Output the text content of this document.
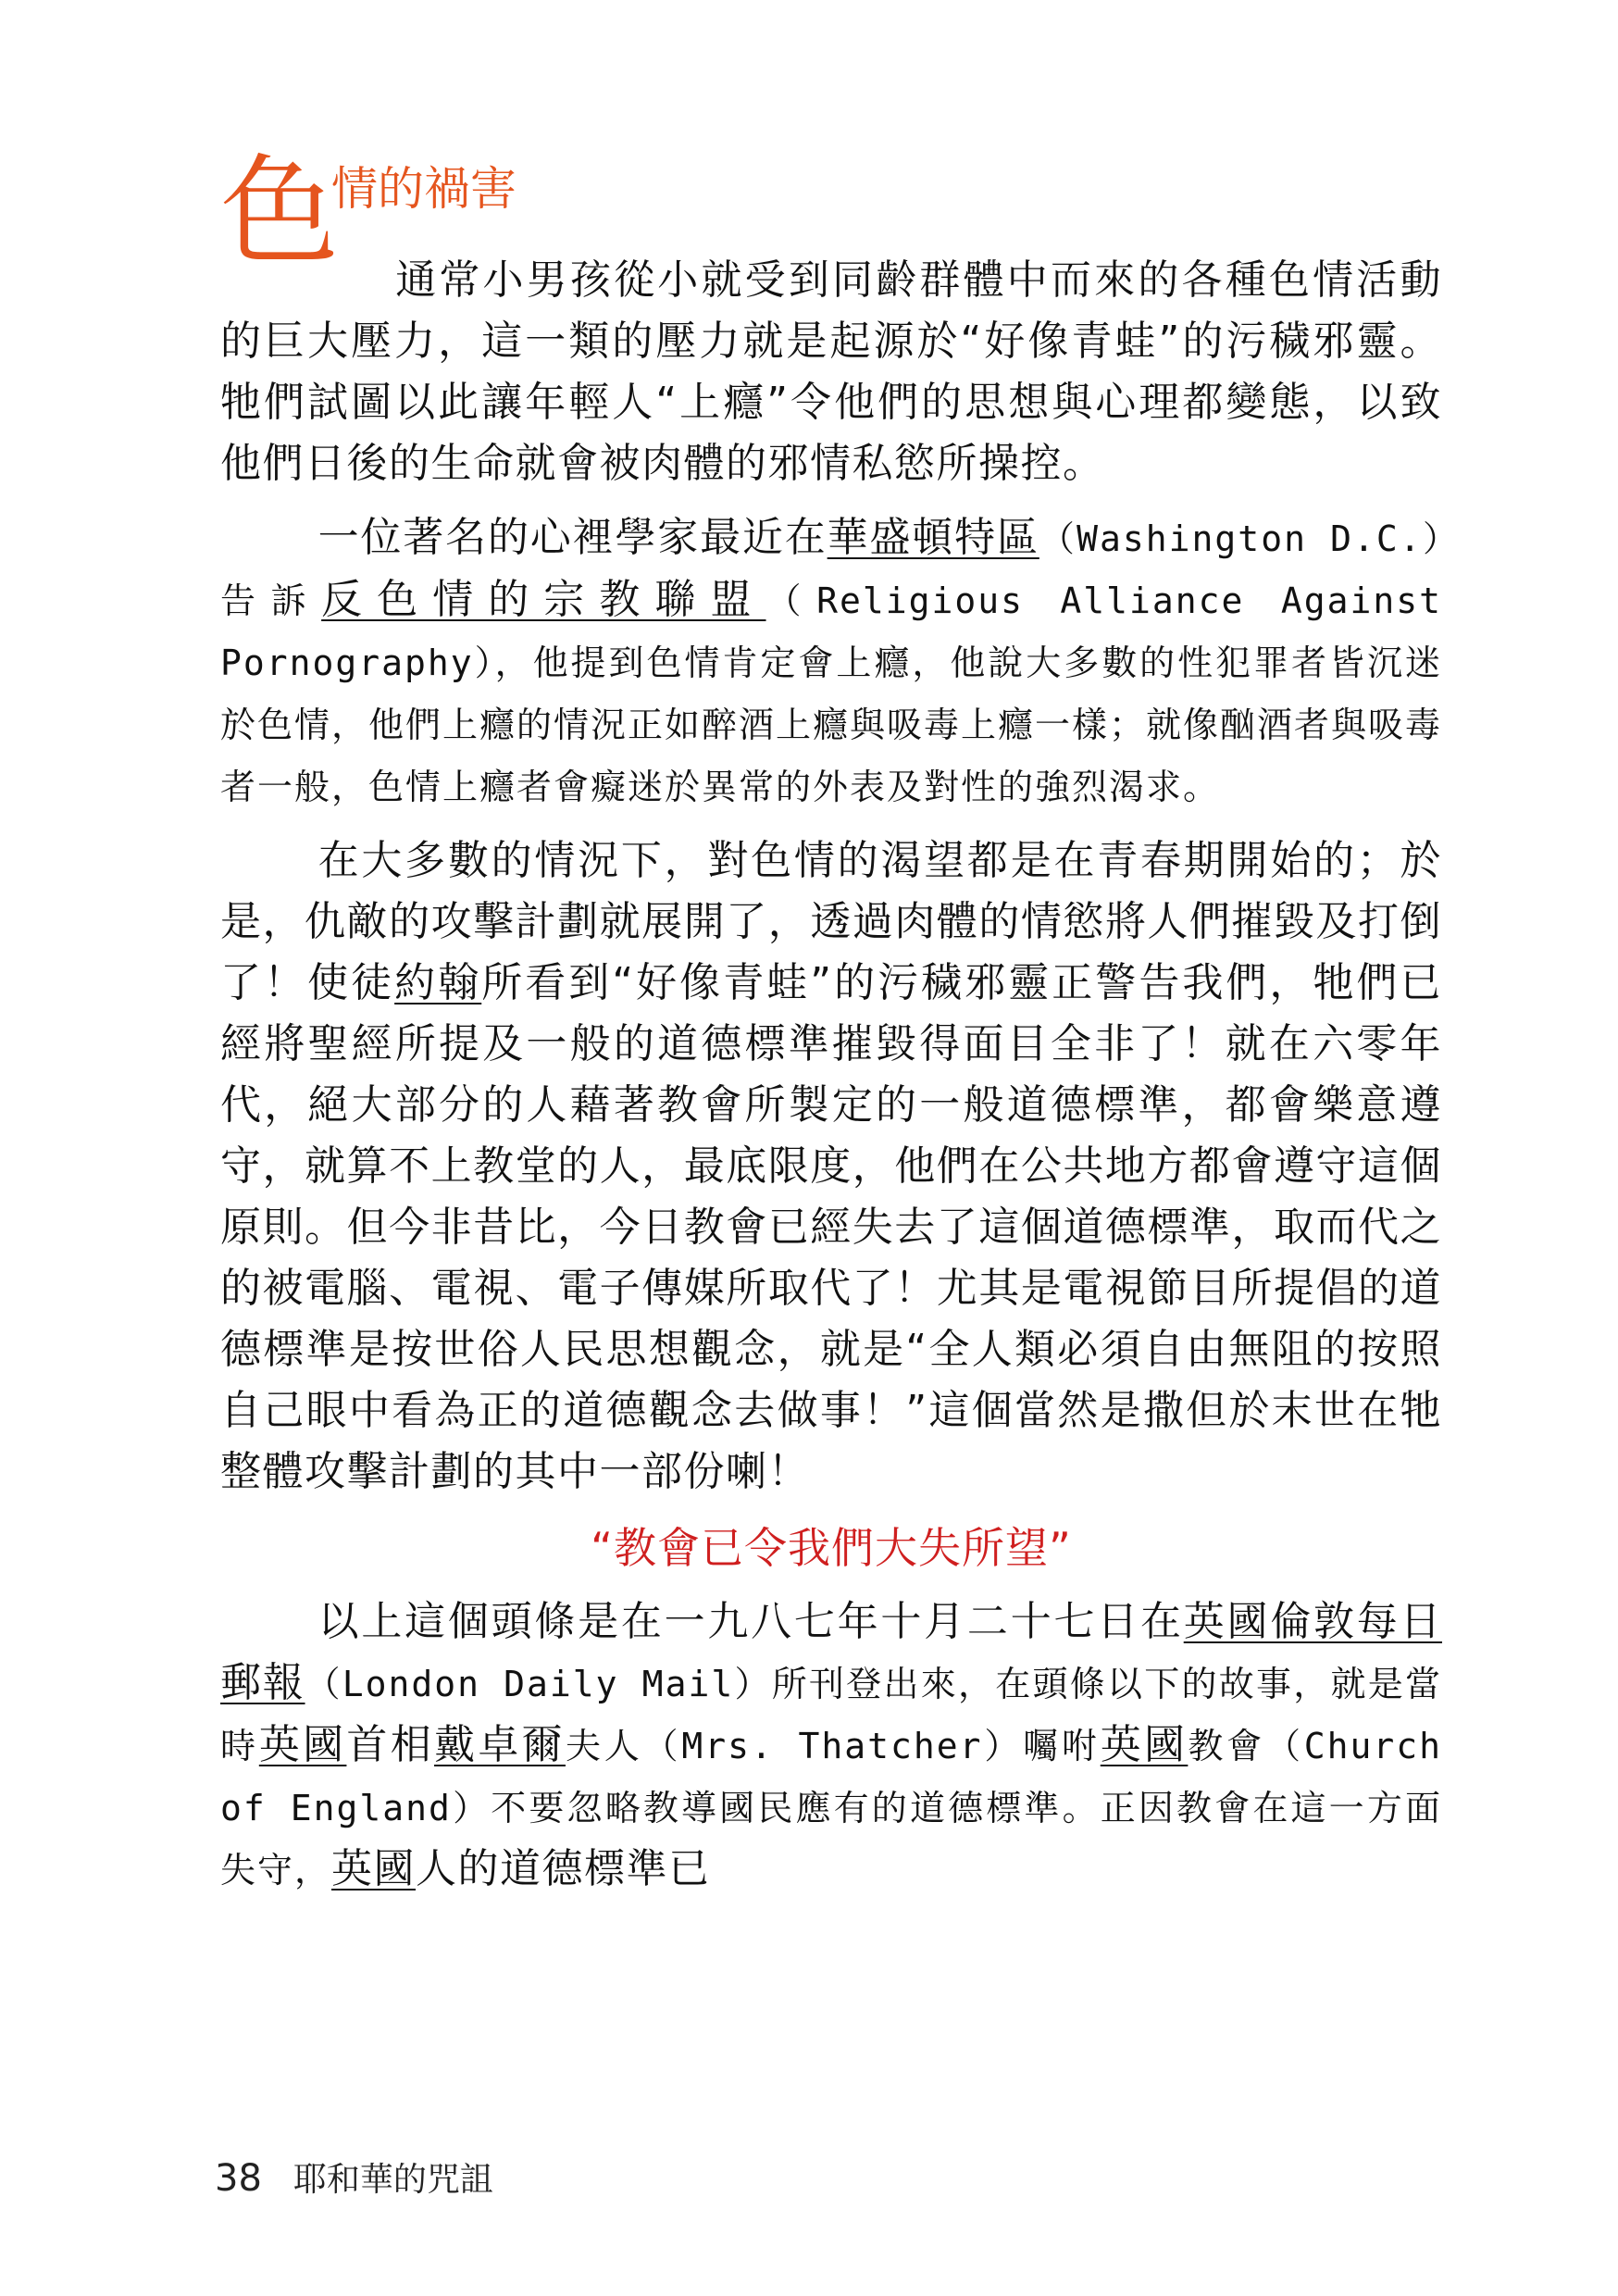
色
情的禍害

通常小男孩從小就受到同齡群體中而來的各種色情活動的巨大壓力，這一類的壓力就是起源於“好像青蛙”的污穢邪靈。牠們試圖以此讓年輕人“上癮”令他們的思想與心理都變態，以致他們日後的生命就會被肉體的邪情私慾所操控。

一位著名的心裡學家最近在華盛頓特區（Washington D.C.）告訴反色情的宗教聯盟（Religious Alliance Against Pornography），他提到色情肯定會上癮，他說大多數的性犯罪者皆沉迷於色情，他們上癮的情況正如醉酒上癮與吸毒上癮一樣；就像酗酒者與吸毒者一般，色情上癮者會癡迷於異常的外表及對性的強烈渴求。

在大多數的情況下，對色情的渴望都是在青春期開始的；於是，仇敵的攻擊計劃就展開了，透過肉體的情慾將人們摧毀及打倒了！使徒約翰所看到“好像青蛙”的污穢邪靈正警告我們，牠們已經將聖經所提及一般的道德標準摧毀得面目全非了！就在六零年代，絕大部分的人藉著教會所製定的一般道德標準，都會樂意遵守，就算不上教堂的人，最底限度，他們在公共地方都會遵守這個原則。但今非昔比，今日教會已經失去了這個道德標準，取而代之的被電腦、電視、電子傳媒所取代了！尤其是電視節目所提倡的道德標準是按世俗人民思想觀念，就是“全人類必須自由無阻的按照自己眼中看為正的道德觀念去做事！”這個當然是撒但於末世在牠整體攻擊計劃的其中一部份喇！

“教會已令我們大失所望”

以上這個頭條是在一九八七年十月二十七日在英國倫敦每日郵報（London Daily Mail）所刊登出來，在頭條以下的故事，就是當時英國首相戴卓爾夫人（Mrs. Thatcher）囑咐英國教會（Church of England）不要忽略教導國民應有的道德標準。正因教會在這一方面失守，英國人的道德標準已

38 耶和華的咒詛
